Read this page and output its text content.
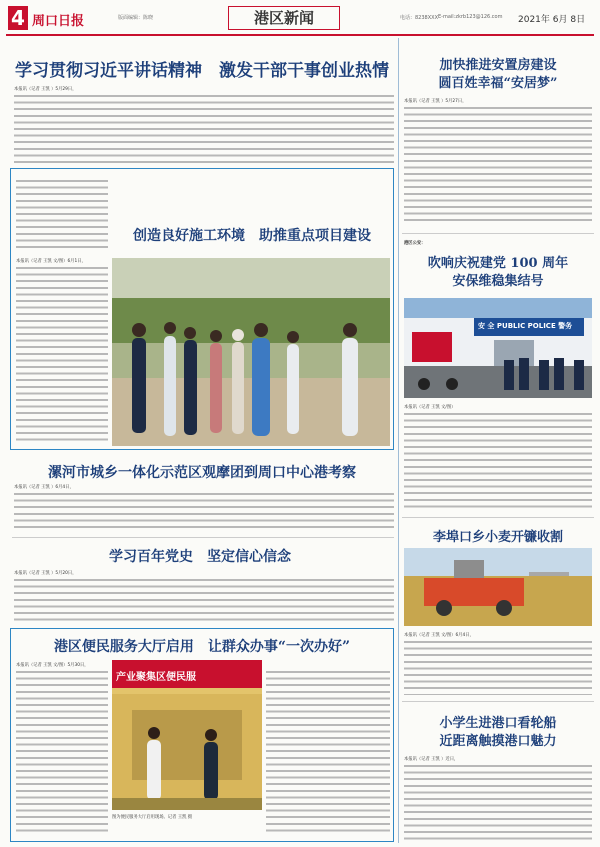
4 周口日报	版面编辑：陈晓	电话：8238XXX E-mail:zkrb123@126.com
港区新闻	2021年 6月 8日
学习贯彻习近平讲话精神　激发干部干事创业热情
本报讯（记者 王凯 ）5月29日，
创造良好施工环境　助推重点项目建设
本报讯（记者 王凯 文/图）6月1日，
漯河市城乡一体化示范区观摩团到周口中心港考察
本报讯（记者 王凯 ）6月4日，
学习百年党史　坚定信心信念
本报讯（记者 王凯 ）5月20日，
港区便民服务大厅启用　让群众办事“一次办好”
本报讯（记者 王凯 文/图）5月30日，
产业聚集区便民服
图为便民服务大厅启用现场。记者 王凯 摄
加快推进安置房建设
圆百姓幸福“安居梦”
本报讯（记者 王凯 ）5月27日，
港区公安：
吹响庆祝建党 100 周年
安保维稳集结号
安 全 PUBLIC POLICE 警务
本报讯（记者 王凯 文/图）
李埠口乡小麦开镰收割
本报讯（记者 王凯 文/图）6月4日，
小学生进港口看轮船
近距离触摸港口魅力
本报讯（记者 王凯 ）近日，
